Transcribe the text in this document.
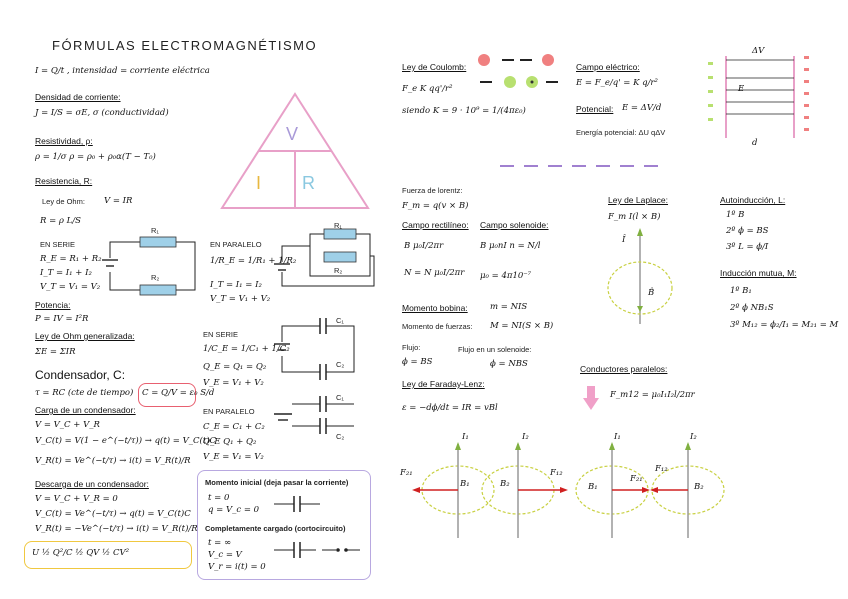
FÓRMULAS ELECTROMAGNÉTISMO
I = Q/t , intensidad = corriente eléctrica
Densidad de corriente:
J = I/S = σE, σ (conductividad)
Resistividad, ρ:
ρ = 1/σ ρ = ρ₀ + ρ₀α(T − T₀)
Resistencia, R:
Ley de Ohm: V = IR
R = ρ L/S
V
I R
EN SERIE
R_E = R₁ + R₂
I_T = I₁ + I₂
V_T = V₁ = V₂
R₁
R₂
EN PARALELO
1/R_E = 1/R₁ + 1/R₂
I_T = I₁ = I₂
V_T = V₁ + V₂
R₁
R₂
Potencia:
P = IV = I²R
Ley de Ohm generalizada:
ΣE = ΣIR
Condensador, C:
τ = RC (cte de tiempo) C = Q/V = ε₀ S/d
Carga de un condensador:
V = V_C + V_R
V_C(t) = V(1 − e^(−t/τ)) → q(t) = V_C(t)C
V_R(t) = Ve^(−t/τ) → i(t) = V_R(t)/R
Descarga de un condensador:
V = V_C + V_R = 0
V_C(t) = Ve^(−t/τ) → q(t) = V_C(t)C
V_R(t) = −Ve^(−t/τ) → i(t) = V_R(t)/R
U ½ Q²/C ½ QV ½ CV²
EN SERIE
1/C_E = 1/C₁ + 1/C₂
Q_E = Q₁ = Q₂
V_E = V₁ + V₂
C₁
C₂
EN PARALELO
C_E = C₁ + C₂
Q_E Q₁ + Q₂
V_E = V₁ = V₂
C₁
C₂
Momento inicial (deja pasar la corriente)
t = 0
q = V_c = 0
Completamente cargado (cortocircuito)
t = ∞
V_c = V
V_r = i(t) = 0
Ley de Coulomb:
F_e K qq'/r²
siendo K = 9 · 10⁹ = 1/(4πε₀)
Campo eléctrico:
E = F_e/q' = K q/r²
Potencial: E = ΔV/d
Energía potencial: ΔU qΔV
ΔV
E
d
Fuerza de lorentz:
F_m = q(v × B)
Campo rectilíneo:
B μ₀I/2πr
N = N μ₀I/2πr
Campo solenoide:
B μ₀nI n = N/l
μ₀ = 4π10⁻⁷
Momento bobina:	m = NIS
Momento de fuerzas: M = NI(S × B)
Flujo:
ϕ = BS
Flujo en un solenoide:
ϕ = NBS
Ley de Faraday-Lenz:
ε = −dϕ/dt = IR = vBl
Ley de Laplace:
F_m I(l × B)
Î
B̂
Autoinducción, L:
1º B
2º ϕ = BS
3º L = ϕ/I
Inducción mutua, M:
1º B₁
2º ϕ NB₁S
3º M₁₂ = ϕ₂/I₁ = M₂₁ = M
Conductores paralelos:
F_m12 = μ₀I₁I₂l/2πr
I₁	I₂	I₁	I₂
F₂₁	F₁₂
B₁	B₂	B₁
F₂₁
F₁₂
B₂
